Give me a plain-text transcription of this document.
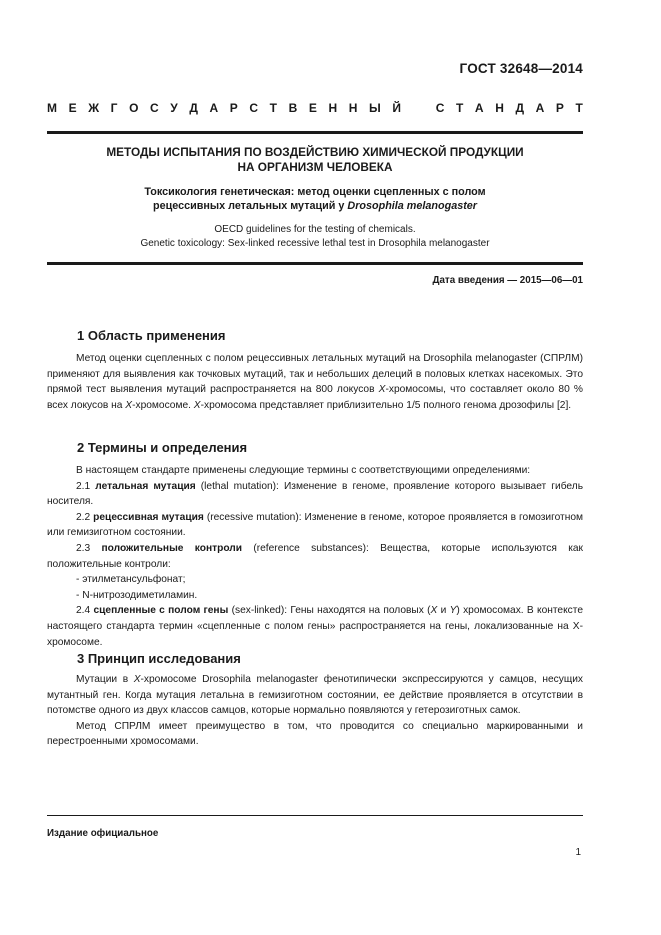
ГОСТ 32648—2014
М Е Ж Г О С У Д А Р С Т В Е Н Н Ы Й	С Т А Н Д А Р Т
МЕТОДЫ ИСПЫТАНИЯ ПО ВОЗДЕЙСТВИЮ ХИМИЧЕСКОЙ ПРОДУКЦИИ
НА ОРГАНИЗМ ЧЕЛОВЕКА
Токсикология генетическая: метод оценки сцепленных с полом
рецессивных летальных мутаций у Drosophila melanogaster
OECD guidelines for the testing of chemicals.
Genetic toxicology: Sex-linked recessive lethal test in Drosophila melanogaster
Дата введения — 2015—06—01
1 Область применения

Метод оценки сцепленных с полом рецессивных летальных мутаций на Drosophila melanogaster (СПРЛМ) применяют для выявления как точковых мутаций, так и небольших делеций в половых клетках насекомых. Это прямой тест выявления мутаций распространяется на 800 локусов X-хромосомы, что составляет около 80 % всех локусов на X-хромосоме. X-хромосома представляет приблизительно 1/5 полного генома дрозофилы [2].

2 Термины и определения

В настоящем стандарте применены следующие термины с соответствующими определениями:

2.1 летальная мутация (lethal mutation): Изменение в геноме, проявление которого вызывает гибель носителя.

2.2 рецессивная мутация (recessive mutation): Изменение в геноме, которое проявляется в гомозиготном или гемизиготном состоянии.

2.3 положительные контроли (reference substances): Вещества, которые используются как положительные контроли:

- этилметансульфонат;

- N-нитрозодиметиламин.

2.4 сцепленные с полом гены (sex-linked): Гены находятся на половых (X и Y) хромосомах. В контексте настоящего стандарта термин «сцепленные с полом гены» распространяется на гены, локализованные на Х-хромосоме.

3 Принцип исследования

Мутации в X-хромосоме Drosophila melanogaster фенотипически экспрессируются у самцов, несущих мутантный ген. Когда мутация летальна в гемизиготном состоянии, ее действие проявляется в отсутствии в потомстве одного из двух классов самцов, которые нормально появляются у гетерозиготных самок.

Метод СПРЛМ имеет преимущество в том, что проводится со специально маркированными и перестроенными хромосомами.

Издание официальное
1
